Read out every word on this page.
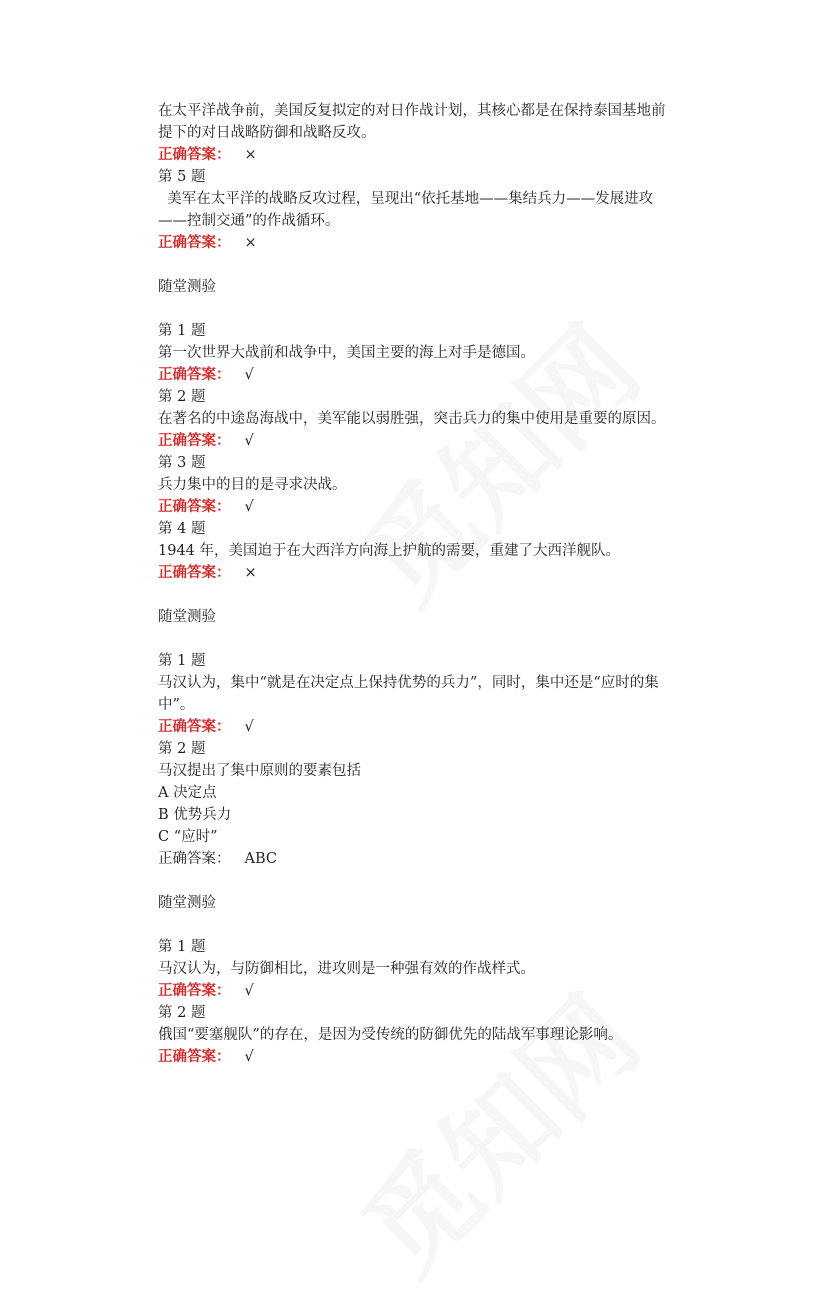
在太平洋战争前，美国反复拟定的对日作战计划，其核心都是在保持泰国基地前提下的对日战略防御和战略反攻。
正确答案： ×
第 5 题
美军在太平洋的战略反攻过程，呈现出“依托基地——集结兵力——发展进攻——控制交通”的作战循环。
正确答案： ×
随堂测验
第 1 题
第一次世界大战前和战争中，美国主要的海上对手是德国。
正确答案： √
第 2 题
在著名的中途岛海战中，美军能以弱胜强，突击兵力的集中使用是重要的原因。
正确答案： √
第 3 题
兵力集中的目的是寻求决战。
正确答案： √
第 4 题
1944 年，美国迫于在大西洋方向海上护航的需要，重建了大西洋舰队。
正确答案： ×
随堂测验
第 1 题
马汉认为，集中“就是在决定点上保持优势的兵力”，同时，集中还是“应时的集中”。
正确答案： √
第 2 题
马汉提出了集中原则的要素包括
A 决定点
B 优势兵力
C “应时”
正确答案： ABC
随堂测验
第 1 题
马汉认为，与防御相比，进攻则是一种强有效的作战样式。
正确答案： √
第 2 题
俄国“要塞舰队”的存在，是因为受传统的防御优先的陆战军事理论影响。
正确答案： √
